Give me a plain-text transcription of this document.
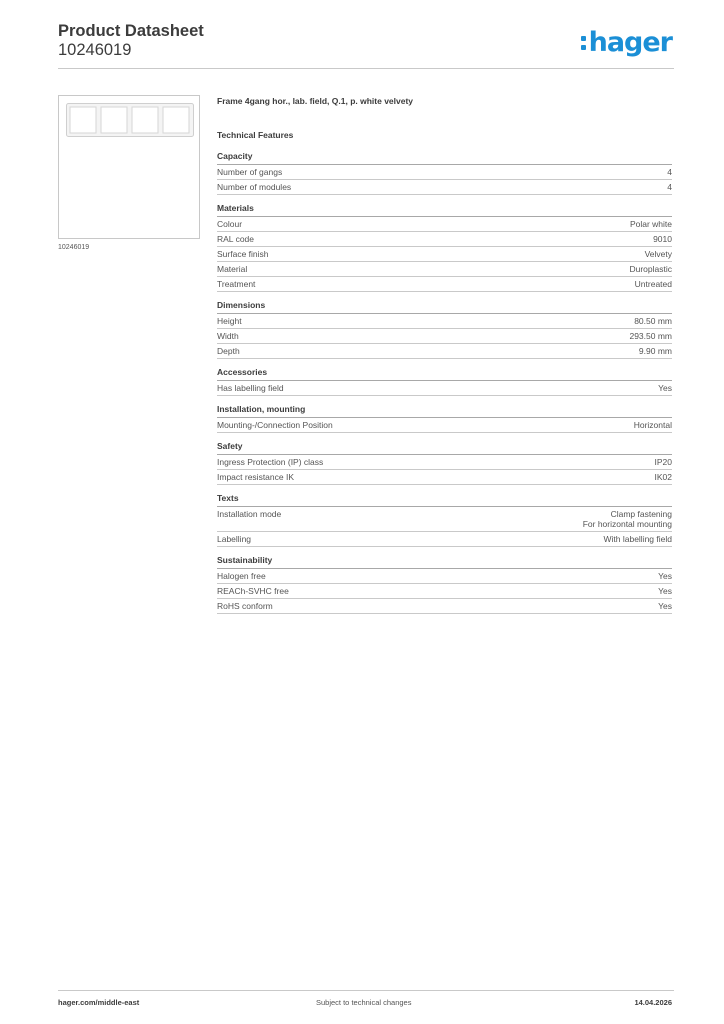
Product Datasheet
10246019	hager
10246019
Frame 4gang hor., lab. field, Q.1, p. white velvety
Technical Features
Capacity
Number of gangs	4
Number of modules	4
Materials
Colour	Polar white
RAL code	9010
Surface finish	Velvety
Material	Duroplastic
Treatment	Untreated
Dimensions
Height	80.50 mm
Width	293.50 mm
Depth	9.90 mm
Accessories
Has labelling field	Yes
Installation, mounting
Mounting-/Connection Position	Horizontal
Safety
Ingress Protection (IP) class	IP20
Impact resistance IK	IK02
Texts
Installation mode	Clamp fastening
For horizontal mounting
Labelling	With labelling field
Sustainability
Halogen free	Yes
REACh-SVHC free	Yes
RoHS conform	Yes
hager.com/middle-east	Subject to technical changes	14.04.2026
